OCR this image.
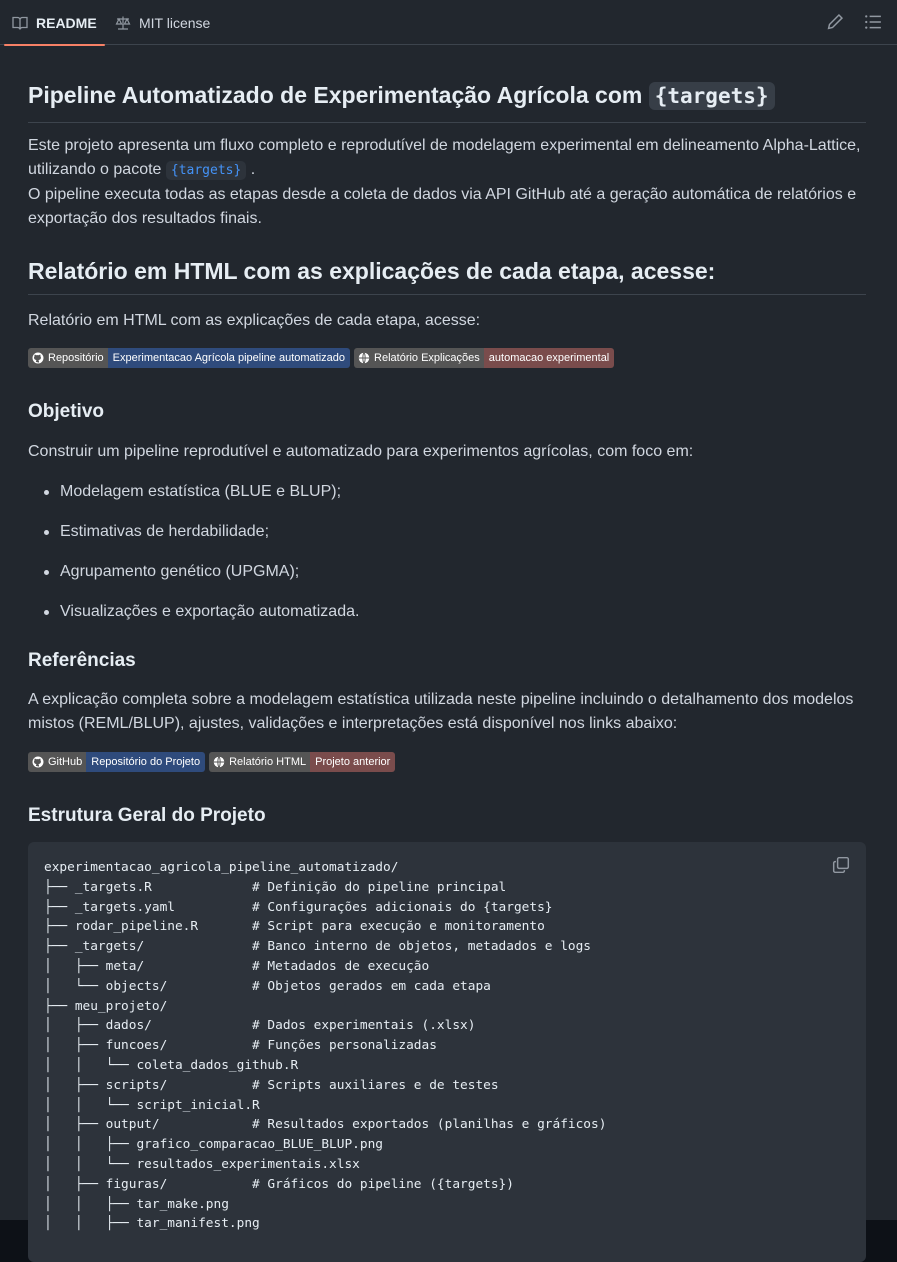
README	MIT license
Pipeline Automatizado de Experimentação Agrícola com {targets}

Este projeto apresenta um fluxo completo e reprodutível de modelagem experimental em delineamento Alpha-Lattice, utilizando o pacote {targets} .
O pipeline executa todas as etapas desde a coleta de dados via API GitHub até a geração automática de relatórios e exportação dos resultados finais.

Relatório em HTML com as explicações de cada etapa, acesse:

Relatório em HTML com as explicações de cada etapa, acesse:

Repositório Experimentacao Agrícola pipeline automatizado	Relatório Explicações automacao experimental
Objetivo

Construir um pipeline reprodutível e automatizado para experimentos agrícolas, com foco em:

Modelagem estatística (BLUE e BLUP);
Estimativas de herdabilidade;
Agrupamento genético (UPGMA);
Visualizações e exportação automatizada.
Referências

A explicação completa sobre a modelagem estatística utilizada neste pipeline incluindo o detalhamento dos modelos mistos (REML/BLUP), ajustes, validações e interpretações está disponível nos links abaixo:

GitHub Repositório do Projeto	Relatório HTML Projeto anterior
Estrutura Geral do Projeto
experimentacao_agricola_pipeline_automatizado/
├── _targets.R             # Definição do pipeline principal
├── _targets.yaml          # Configurações adicionais do {targets}
├── rodar_pipeline.R       # Script para execução e monitoramento
├── _targets/              # Banco interno de objetos, metadados e logs
│   ├── meta/              # Metadados de execução
│   └── objects/           # Objetos gerados em cada etapa
├── meu_projeto/
│   ├── dados/             # Dados experimentais (.xlsx)
│   ├── funcoes/           # Funções personalizadas
│   │   └── coleta_dados_github.R
│   ├── scripts/           # Scripts auxiliares e de testes
│   │   └── script_inicial.R
│   ├── output/            # Resultados exportados (planilhas e gráficos)
│   │   ├── grafico_comparacao_BLUE_BLUP.png
│   │   └── resultados_experimentais.xlsx
│   ├── figuras/           # Gráficos do pipeline ({targets})
│   │   ├── tar_make.png
│   │   ├── tar_manifest.png
